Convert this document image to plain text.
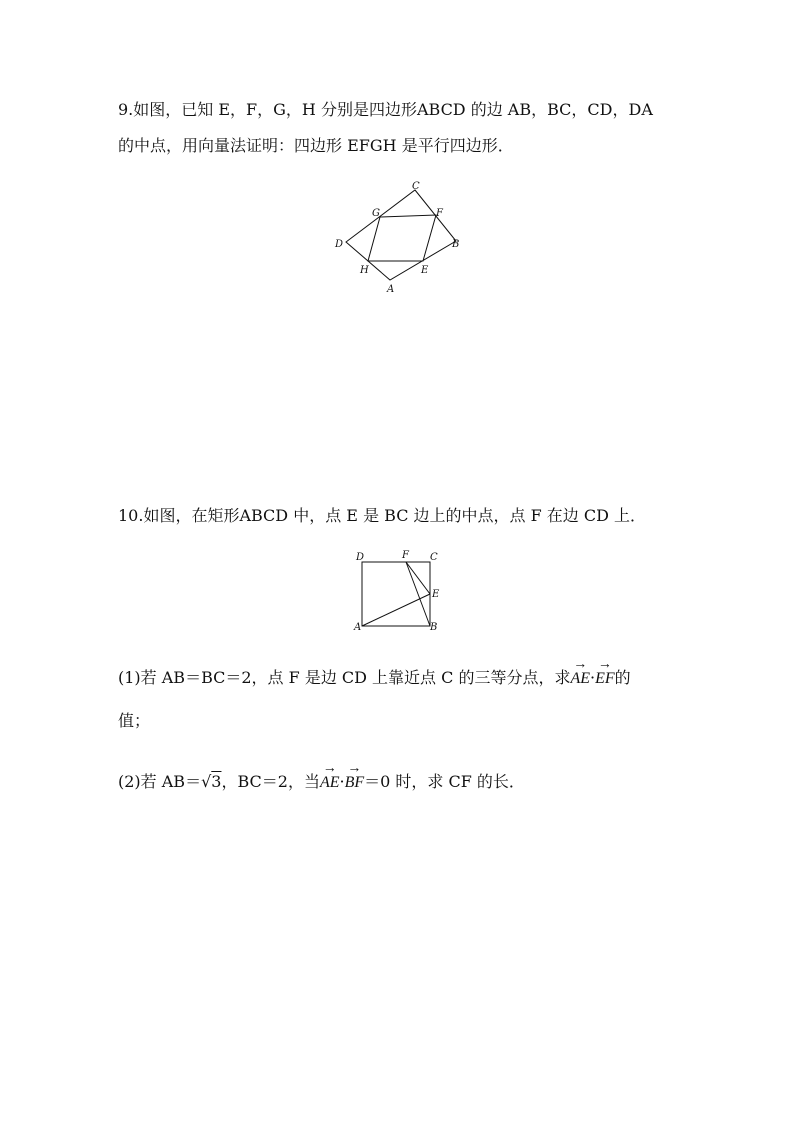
9.如图，已知 E，F，G，H 分别是四边形ABCD 的边 AB，BC，CD，DA
的中点，用向量法证明：四边形 EFGH 是平行四边形．
C
G	F
D	B
H	E
A
10.如图，在矩形ABCD 中，点 E 是 BC 边上的中点，点 F 在边 CD 上．
D	F C
E
A	B
(1)若 AB＝BC＝2，点 F 是边 CD 上靠近点 C 的三等分点，求→ AE·→ EF的
值；
(2)若 AB＝√3，BC＝2，当→ AE·→ BF＝0 时，求 CF 的长．
